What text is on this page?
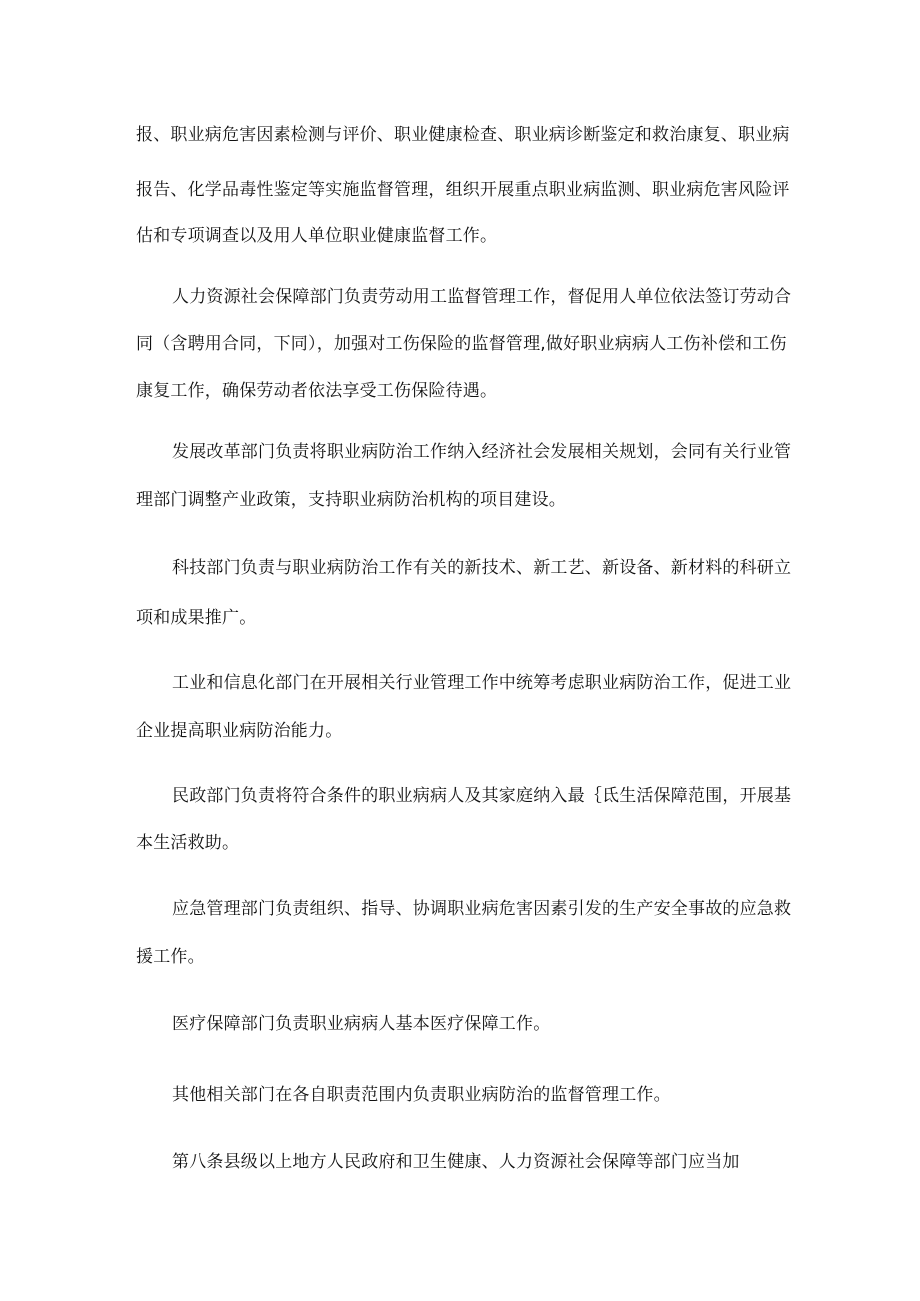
报、职业病危害因素检测与评价、职业健康检查、职业病诊断鉴定和救治康复、职业病
报告、化学品毒性鉴定等实施监督管理，组织开展重点职业病监测、职业病危害风险评
估和专项调查以及用人单位职业健康监督工作。
人力资源社会保障部门负责劳动用工监督管理工作，督促用人单位依法签订劳动合
同（含聘用合同，下同），加强对工伤保险的监督管理,做好职业病病人工伤补偿和工伤
康复工作，确保劳动者依法享受工伤保险待遇。
发展改革部门负责将职业病防治工作纳入经济社会发展相关规划，会同有关行业管
理部门调整产业政策，支持职业病防治机构的项目建设。
科技部门负责与职业病防治工作有关的新技术、新工艺、新设备、新材料的科研立
项和成果推广。
工业和信息化部门在开展相关行业管理工作中统筹考虑职业病防治工作，促进工业
企业提高职业病防治能力。
民政部门负责将符合条件的职业病病人及其家庭纳入最｛氐生活保障范围，开展基
本生活救助。
应急管理部门负责组织、指导、协调职业病危害因素引发的生产安全事故的应急救
援工作。
医疗保障部门负责职业病病人基本医疗保障工作。
其他相关部门在各自职责范围内负责职业病防治的监督管理工作。
第八条县级以上地方人民政府和卫生健康、人力资源社会保障等部门应当加
